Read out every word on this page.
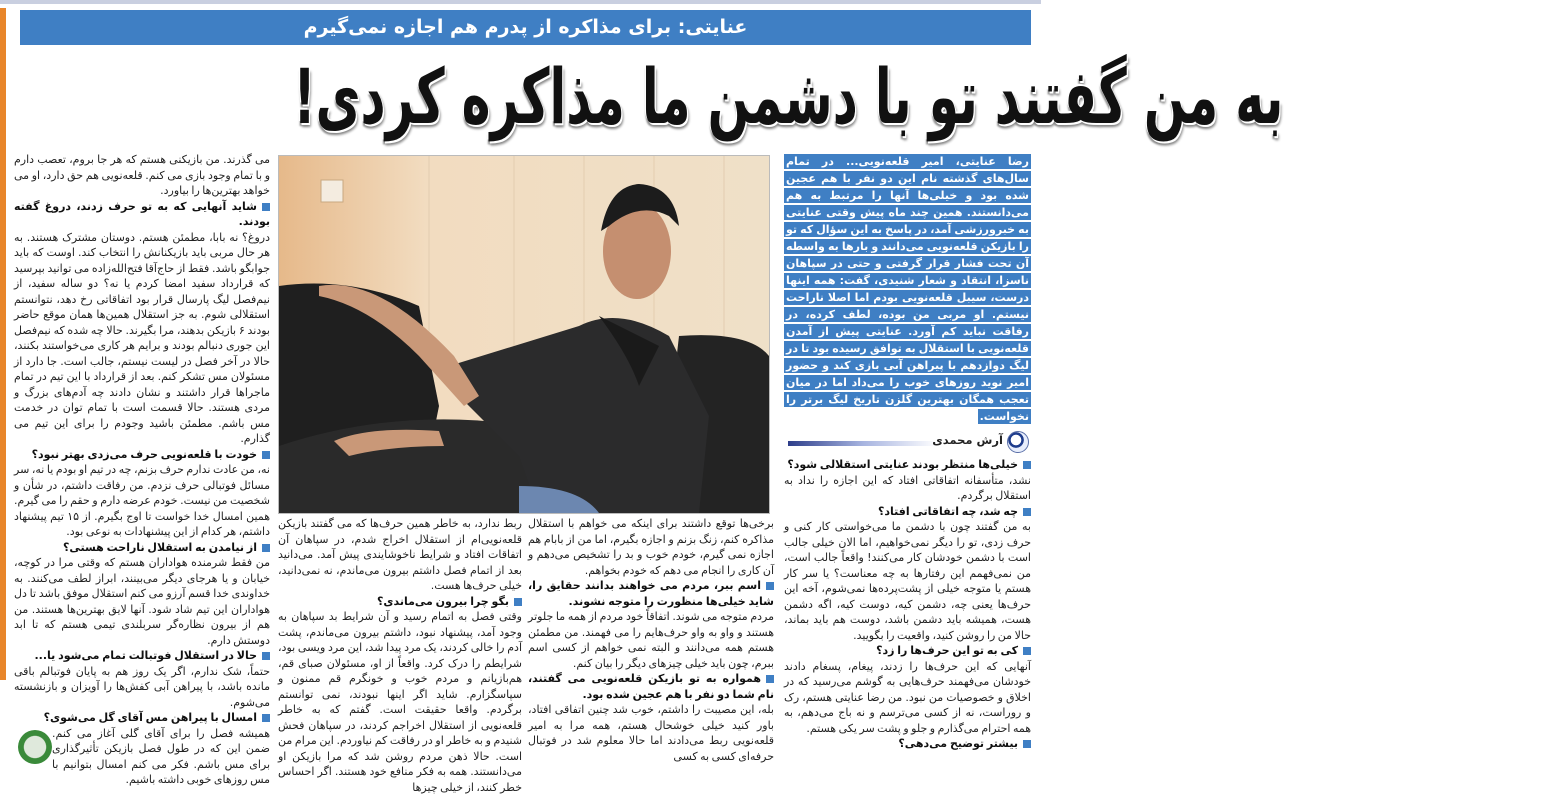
عنایتی: برای مذاکره از پدرم هم اجازه نمی‌گیرم
به من گفتند تو با دشمن ما مذاکره کردی!

می گذرند. من بازیکنی هستم که هر جا بروم، تعصب دارم و با تمام وجود بازی می کنم. قلعه‌نویی هم حق دارد، او می خواهد بهترین‌ها را بیاورد.

شاید آنهایی که به تو حرف زدند، دروغ گفته بودند.

دروغ؟ نه بابا، مطمئن هستم. دوستان مشترک هستند. به هر حال مربی باید بازیکنانش را انتخاب کند. اوست که باید جوابگو باشد. فقط از حاج‌آقا فتح‌الله‌زاده می توانید بپرسید که قرارداد سفید امضا کردم یا نه؟ دو ساله سفید، از نیم‌فصل لیگ پارسال قرار بود اتفاقاتی رخ دهد، نتوانستم استقلالی شوم. به جز استقلال همین‌ها همان موقع حاضر بودند ۶ بازیکن بدهند، مرا بگیرند. حالا چه شده که نیم‌فصل این جوری دنبالم بودند و برایم هر کاری می‌خواستند بکنند، حالا در آخر فصل در لیست نیستم، جالب است. جا دارد از مسئولان مس تشکر کنم. بعد از قرارداد با این تیم در تمام ماجراها قرار داشتند و نشان دادند چه آدم‌های بزرگ و مردی هستند. حالا قسمت است با تمام توان در خدمت مس باشم. مطمئن باشید وجودم را برای این تیم می گذارم.

خودت با قلعه‌نویی حرف می‌زدی بهتر نبود؟

نه، من عادت ندارم حرف بزنم، چه در تیم او بودم یا نه، سر مسائل فوتبالی حرف نزدم. من رفاقت داشتم، در شأن و شخصیت من نیست. خودم عرضه دارم و حقم را می گیرم. همین امسال خدا خواست تا اوج بگیرم. از ۱۵ تیم پیشنهاد داشتم، هر کدام از این پیشنهادات به نوعی بود.

از نیامدن به استقلال ناراحت هستی؟

من فقط شرمنده هواداران هستم که وقتی مرا در کوچه، خیابان و یا هرجای دیگر می‌بینند، ابراز لطف می‌کنند. به خداوندی خدا قسم آرزو می کنم استقلال موفق باشد تا دل هواداران این تیم شاد شود. آنها لایق بهترین‌ها هستند. من هم از بیرون نظاره‌گر سربلندی تیمی هستم که تا ابد دوستش دارم.

حالا در استقلال فوتبالت تمام می‌شود یا...

حتماً، شک ندارم، اگر یک روز هم به پایان فوتبالم باقی مانده باشد، با پیراهن آبی کفش‌ها را آویزان و بازنشسته می‌شوم.

امسال با پیراهن مس آقای گل می‌شوی؟

همیشه فصل را برای آقای گلی آغاز می کنم. ضمن این که در طول فصل بازیکن تأثیرگذاری برای مس باشم. فکر می کنم امسال بتوانیم با مس روزهای خوبی داشته باشیم.

ربط ندارد، به خاطر همین حرف‌ها که می گفتند بازیکن قلعه‌نویی‌ام از استقلال اخراج شدم، در سپاهان آن اتفاقات افتاد و شرایط ناخوشایندی پیش آمد. می‌دانید بعد از اتمام فصل داشتم بیرون می‌ماندم، نه نمی‌دانید، خیلی حرف‌ها هست.

بگو چرا بیرون می‌ماندی؟

وقتی فصل به اتمام رسید و آن شرایط بد سپاهان به وجود آمد، پیشنهاد نبود، داشتم بیرون می‌ماندم، پشت آدم را خالی کردند، یک مرد پیدا شد، این مرد ویسی بود، شرایطم را درک کرد. واقعاً از او، مسئولان صبای قم، هم‌بازیانم و مردم خوب و خونگرم قم ممنون و سپاسگزارم. شاید اگر اینها نبودند، نمی توانستم برگردم. واقعا حقیقت است. گفتم که به خاطر قلعه‌نویی از استقلال اخراجم کردند، در سپاهان فحش شنیدم و به خاطر او در رفاقت کم نیاوردم. این مرام من است. حالا ذهن مردم روشن شد که مرا بازیکن او می‌دانستند. همه به فکر منافع خود هستند. اگر احساس خطر کنند، از خیلی چیزها

برخی‌ها توقع داشتند برای اینکه می خواهم با استقلال مذاکره کنم، زنگ بزنم و اجازه بگیرم، اما من از بابام هم اجازه نمی گیرم، خودم خوب و بد را تشخیص می‌دهم و آن کاری را انجام می دهم که خودم بخواهم.

اسم ببر، مردم می خواهند بدانند حقایق را، شاید خیلی‌ها منظورت را متوجه نشوند.

مردم متوجه می شوند. اتفاقاً خود مردم از همه ما جلوتر هستند و واو به واو حرف‌هایم را می فهمند. من مطمئن هستم همه می‌دانند و البته نمی خواهم از کسی اسم ببرم، چون باید خیلی چیزهای دیگر را بیان کنم.

همواره به تو بازیکن قلعه‌نویی می گفتند، نام شما دو نفر با هم عجین شده بود.

بله، این مصیبت را داشتم، خوب شد چنین اتفاقی افتاد، باور کنید خیلی خوشحال هستم، همه مرا به امیر قلعه‌نویی ربط می‌دادند اما حالا معلوم شد در فوتبال حرفه‌ای کسی به کسی

رضا عنایتی، امیر قلعه‌نویی... در تمام سال‌های گذشته نام این دو نفر با هم عجین شده بود و خیلی‌ها آنها را مرتبط به هم می‌دانستند. همین چند ماه پیش وقتی عنایتی به خبرورزشی آمد، در پاسخ به این سؤال که تو را بازیکن قلعه‌نویی می‌دانند و بارها به واسطه آن تحت فشار قرار گرفتی و حتی در سپاهان ناسزا، انتقاد و شعار شنیدی، گفت: همه اینها درست، سیبل قلعه‌نویی بودم اما اصلا ناراحت نیستم. او مربی من بوده، لطف کرده، در رفاقت نباید کم آورد. عنایتی پیش از آمدن قلعه‌نویی با استقلال به توافق رسیده بود تا در لیگ دوازدهم با پیراهن آبی بازی کند و حضور امیر نوید روزهای خوب را می‌داد اما در میان تعجب همگان بهترین گلزن تاریخ لیگ برتر را نخواست.
آرش محمدی

خیلی‌ها منتظر بودند عنایتی استقلالی شود؟

نشد، متأسفانه اتفاقاتی افتاد که این اجازه را نداد به استقلال برگردم.

چه شد، چه اتفاقاتی افتاد؟

به من گفتند چون با دشمن ما می‌خواستی کار کنی و حرف زدی، تو را دیگر نمی‌خواهیم، اما الان خیلی جالب است با دشمن خودشان کار می‌کنند! واقعاً جالب است، من نمی‌فهمم این رفتارها به چه معناست؟ یا سر کار هستم یا متوجه خیلی از پشت‌پرده‌ها نمی‌شوم، آخه این حرف‌ها یعنی چه، دشمن کیه، دوست کیه، اگه دشمن هست، همیشه باید دشمن باشد، دوست هم باید بماند، حالا من را روشن کنید، واقعیت را بگویید.

کی به تو این حرف‌ها را زد؟

آنهایی که این حرف‌ها را زدند، پیغام، پسغام دادند خودشان می‌فهمند حرف‌هایی به گوشم می‌رسید که در اخلاق و خصوصیات من نبود. من رضا عنایتی هستم، رک و روراست، نه از کسی می‌ترسم و نه باج می‌دهم، به همه احترام می‌گذارم و جلو و پشت سر یکی هستم.

بیشتر توضیح می‌دهی؟
